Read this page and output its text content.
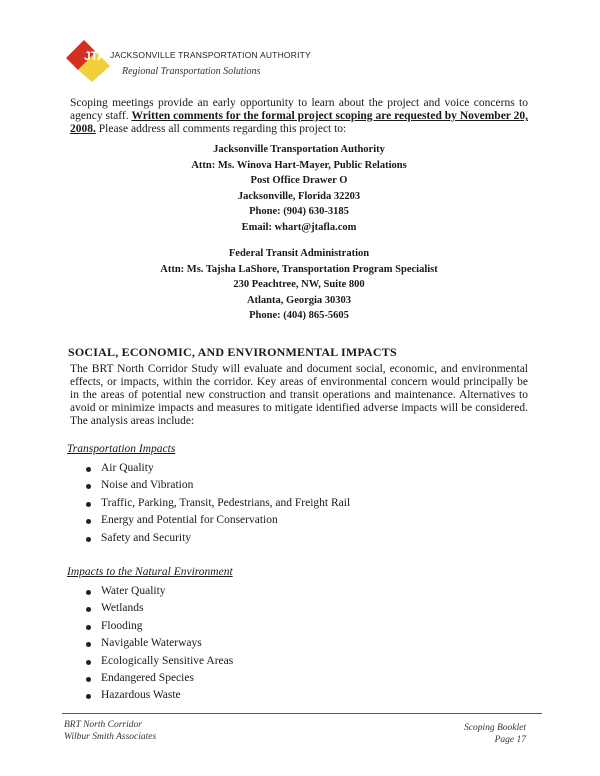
JTA JACKSONVILLE TRANSPORTATION AUTHORITY
Regional Transportation Solutions

Scoping meetings provide an early opportunity to learn about the project and voice concerns to agency staff. Written comments for the formal project scoping are requested by November 20, 2008. Please address all comments regarding this project to:

Jacksonville Transportation Authority
Attn: Ms. Winova Hart-Mayer, Public Relations
Post Office Drawer O
Jacksonville, Florida 32203
Phone: (904) 630-3185
Email: whart@jtafla.com
Federal Transit Administration
Attn: Ms. Tajsha LaShore, Transportation Program Specialist
230 Peachtree, NW, Suite 800
Atlanta, Georgia 30303
Phone: (404) 865-5605
SOCIAL, ECONOMIC, AND ENVIRONMENTAL IMPACTS

The BRT North Corridor Study will evaluate and document social, economic, and environmental effects, or impacts, within the corridor. Key areas of environmental concern would principally be in the areas of potential new construction and transit operations and maintenance. Alternatives to avoid or minimize impacts and measures to mitigate identified adverse impacts will be considered. The analysis areas include:

Transportation Impacts
Air Quality
Noise and Vibration
Traffic, Parking, Transit, Pedestrians, and Freight Rail
Energy and Potential for Conservation
Safety and Security
Impacts to the Natural Environment
Water Quality
Wetlands
Flooding
Navigable Waterways
Ecologically Sensitive Areas
Endangered Species
Hazardous Waste
BRT North Corridor
Wilbur Smith Associates
Scoping Booklet
Page 17
